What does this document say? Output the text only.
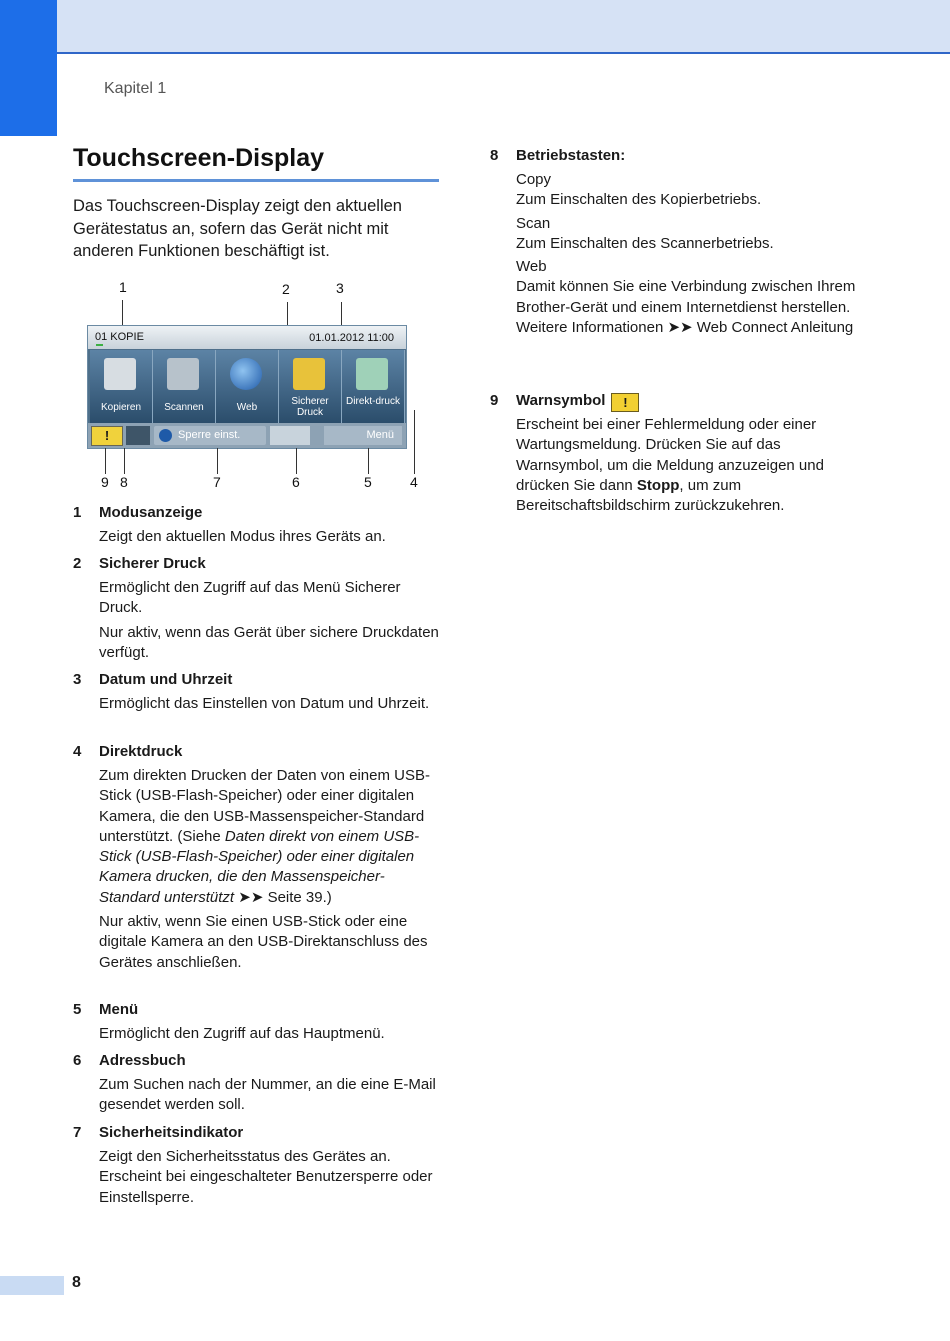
Kapitel 1
Touchscreen-Display
Das Touchscreen-Display zeigt den aktuellen Gerätestatus an, sofern das Gerät nicht mit anderen Funktionen beschäftigt ist.
1	2	3
01 KOPIE	01.01.2012 11:00
Kopieren	Scannen	Web
Sicherer Druck
Direkt-druck
!	Sperre einst.	Menü
9 8	7	6	5	4
1 Modusanzeige

Zeigt den aktuellen Modus ihres Geräts an.

2 Sicherer Druck

Ermöglicht den Zugriff auf das Menü Sicherer Druck.

Nur aktiv, wenn das Gerät über sichere Druckdaten verfügt.

3 Datum und Uhrzeit

Ermöglicht das Einstellen von Datum und Uhrzeit.

4 Direktdruck

Zum direkten Drucken der Daten von einem USB-Stick (USB-Flash-Speicher) oder einer digitalen Kamera, die den USB-Massenspeicher-Standard unterstützt. (Siehe Daten direkt von einem USB-Stick (USB-Flash-Speicher) oder einer digitalen Kamera drucken, die den Massenspeicher-Standard unterstützt ➤➤ Seite 39.)

Nur aktiv, wenn Sie einen USB-Stick oder eine digitale Kamera an den USB-Direktanschluss des Gerätes anschließen.

5 Menü

Ermöglicht den Zugriff auf das Hauptmenü.

6 Adressbuch

Zum Suchen nach der Nummer, an die eine E-Mail gesendet werden soll.

7 Sicherheitsindikator

Zeigt den Sicherheitsstatus des Gerätes an. Erscheint bei eingeschalteter Benutzersperre oder Einstellsperre.

8 Betriebstasten:

Copy

Zum Einschalten des Kopierbetriebs.

Scan

Zum Einschalten des Scannerbetriebs.

Web

Damit können Sie eine Verbindung zwischen Ihrem Brother-Gerät und einem Internetdienst herstellen.

Weitere Informationen ➤➤ Web Connect Anleitung

9 Warnsymbol !

Erscheint bei einer Fehlermeldung oder einer Wartungsmeldung. Drücken Sie auf das Warnsymbol, um die Meldung anzuzeigen und drücken Sie dann Stopp, um zum Bereitschaftsbildschirm zurückzukehren.

8
